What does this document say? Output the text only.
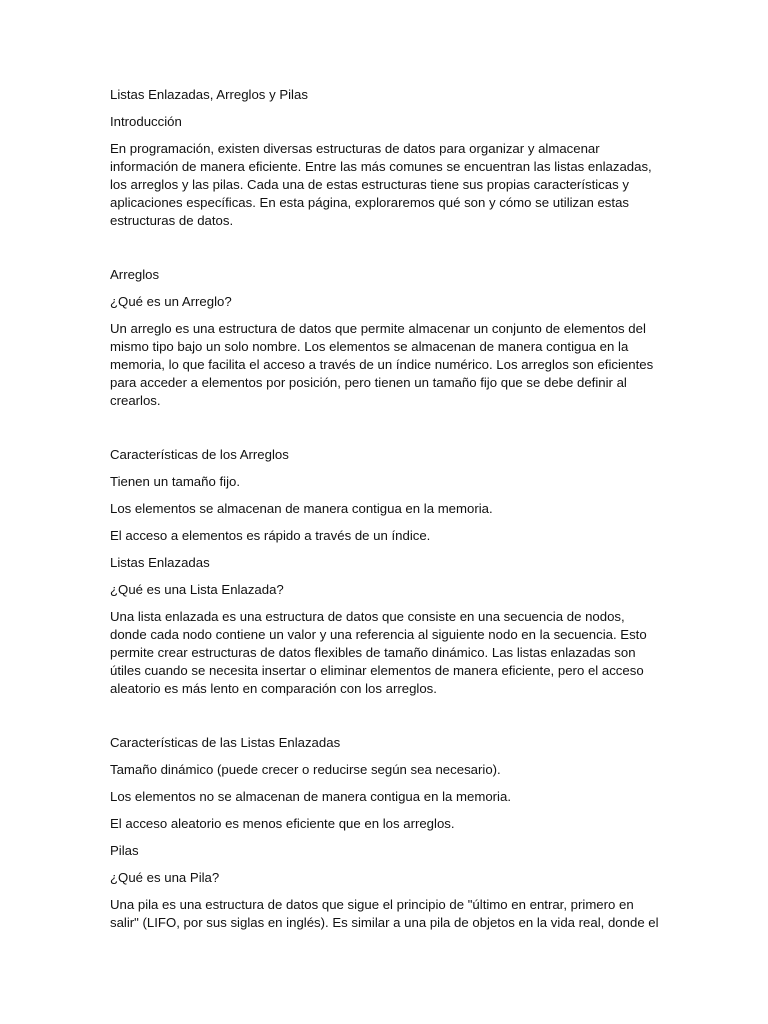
Listas Enlazadas, Arreglos y Pilas

Introducción

En programación, existen diversas estructuras de datos para organizar y almacenar información de manera eficiente. Entre las más comunes se encuentran las listas enlazadas, los arreglos y las pilas. Cada una de estas estructuras tiene sus propias características y aplicaciones específicas. En esta página, exploraremos qué son y cómo se utilizan estas estructuras de datos.

Arreglos

¿Qué es un Arreglo?

Un arreglo es una estructura de datos que permite almacenar un conjunto de elementos del mismo tipo bajo un solo nombre. Los elementos se almacenan de manera contigua en la memoria, lo que facilita el acceso a través de un índice numérico. Los arreglos son eficientes para acceder a elementos por posición, pero tienen un tamaño fijo que se debe definir al crearlos.

Características de los Arreglos

Tienen un tamaño fijo.

Los elementos se almacenan de manera contigua en la memoria.

El acceso a elementos es rápido a través de un índice.

Listas Enlazadas

¿Qué es una Lista Enlazada?

Una lista enlazada es una estructura de datos que consiste en una secuencia de nodos, donde cada nodo contiene un valor y una referencia al siguiente nodo en la secuencia. Esto permite crear estructuras de datos flexibles de tamaño dinámico. Las listas enlazadas son útiles cuando se necesita insertar o eliminar elementos de manera eficiente, pero el acceso aleatorio es más lento en comparación con los arreglos.

Características de las Listas Enlazadas

Tamaño dinámico (puede crecer o reducirse según sea necesario).

Los elementos no se almacenan de manera contigua en la memoria.

El acceso aleatorio es menos eficiente que en los arreglos.

Pilas

¿Qué es una Pila?

Una pila es una estructura de datos que sigue el principio de "último en entrar, primero en salir" (LIFO, por sus siglas en inglés). Es similar a una pila de objetos en la vida real, donde el
